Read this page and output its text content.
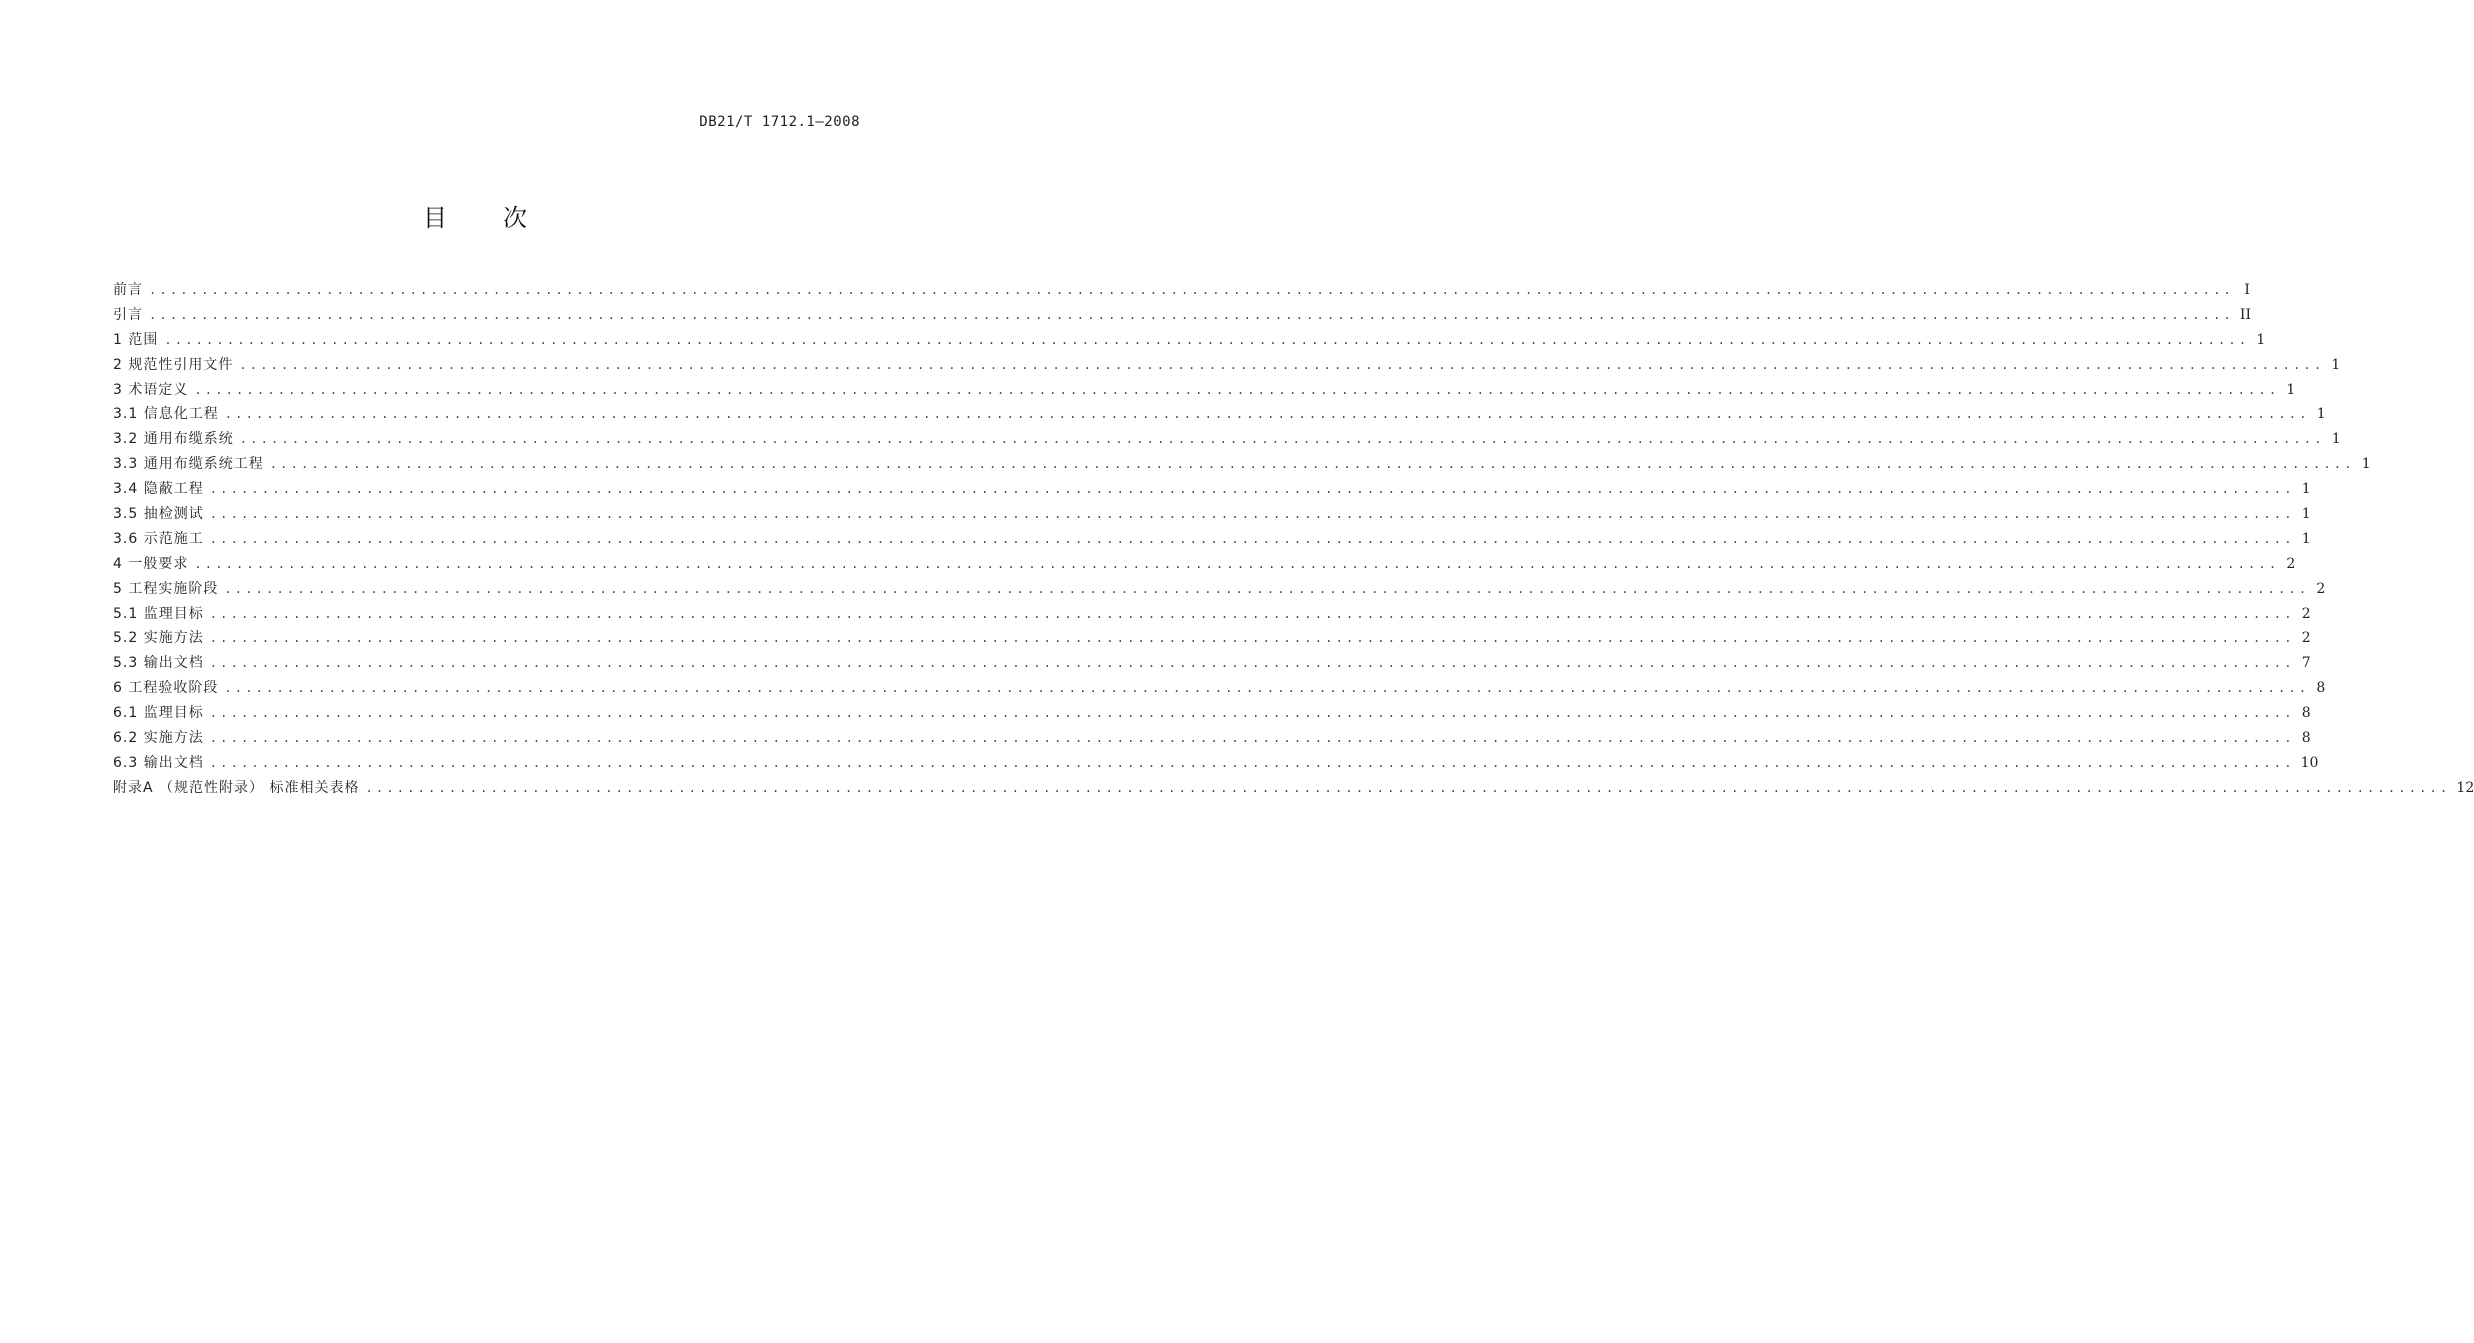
DB21/T 1712.1—2008
目次
前言 ........................................................................................................................................................................................................ I
引言 ........................................................................................................................................................................................................ II
1 范围 ........................................................................................................................................................................................................ 1
2 规范性引用文件 ........................................................................................................................................................................................................ 1
3 术语定义 ........................................................................................................................................................................................................ 1
3.1 信息化工程 ........................................................................................................................................................................................................ 1
3.2 通用布缆系统 ........................................................................................................................................................................................................ 1
3.3 通用布缆系统工程 ........................................................................................................................................................................................................ 1
3.4 隐蔽工程 ........................................................................................................................................................................................................ 1
3.5 抽检测试 ........................................................................................................................................................................................................ 1
3.6 示范施工 ........................................................................................................................................................................................................ 1
4 一般要求 ........................................................................................................................................................................................................ 2
5 工程实施阶段 ........................................................................................................................................................................................................ 2
5.1 监理目标 ........................................................................................................................................................................................................ 2
5.2 实施方法 ........................................................................................................................................................................................................ 2
5.3 输出文档 ........................................................................................................................................................................................................ 7
6 工程验收阶段 ........................................................................................................................................................................................................ 8
6.1 监理目标 ........................................................................................................................................................................................................ 8
6.2 实施方法 ........................................................................................................................................................................................................ 8
6.3 输出文档 ........................................................................................................................................................................................................ 10
附录A （规范性附录） 标准相关表格 ........................................................................................................................................................................................................ 12
